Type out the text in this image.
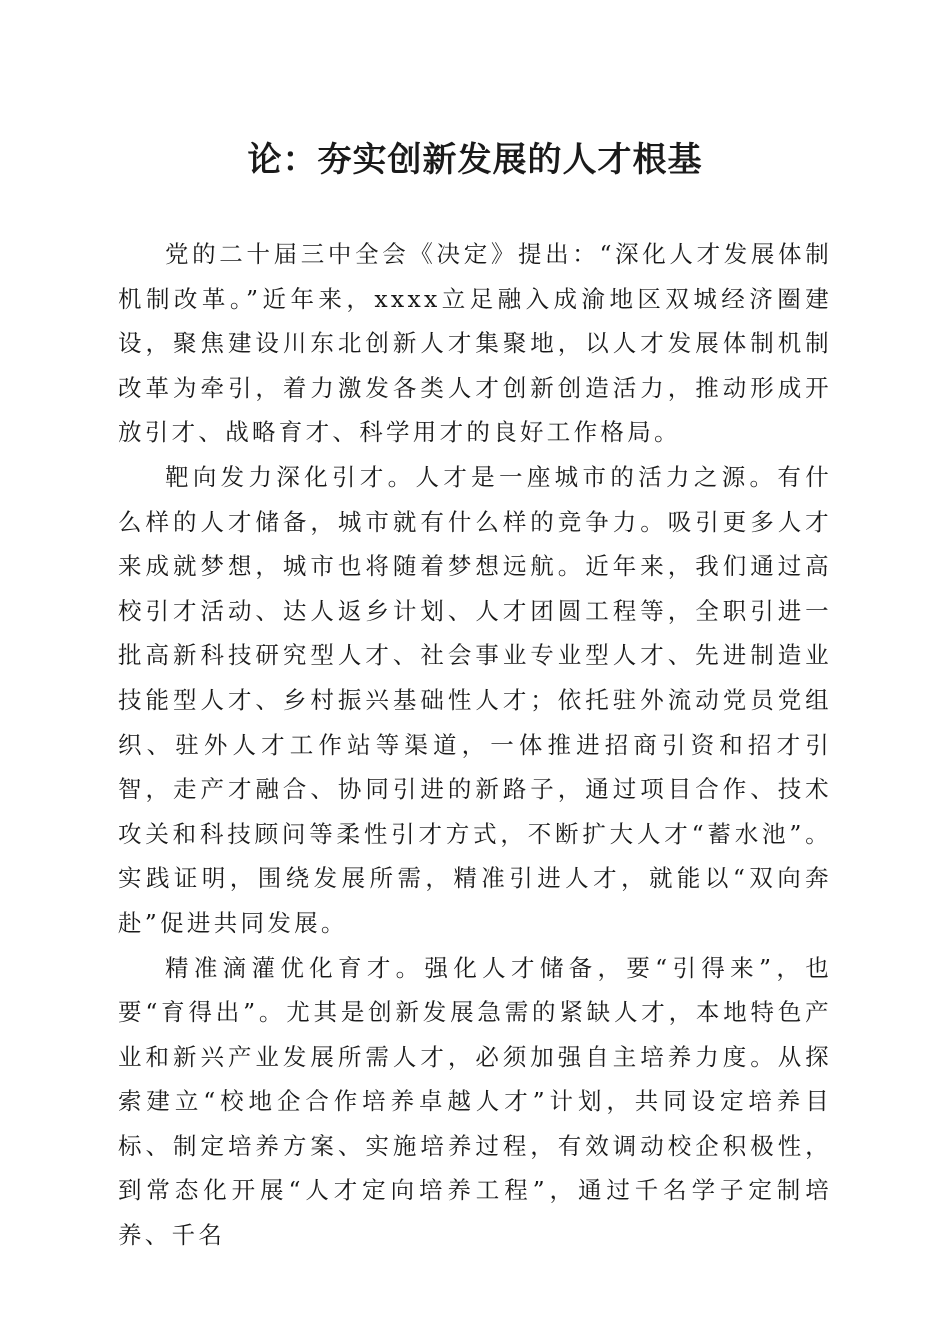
论：夯实创新发展的人才根基

党的二十届三中全会《决定》提出：“深化人才发展体制机制改革。”近年来，xxxx立足融入成渝地区双城经济圈建设，聚焦建设川东北创新人才集聚地，以人才发展体制机制改革为牵引，着力激发各类人才创新创造活力，推动形成开放引才、战略育才、科学用才的良好工作格局。

靶向发力深化引才。人才是一座城市的活力之源。有什么样的人才储备，城市就有什么样的竞争力。吸引更多人才来成就梦想，城市也将随着梦想远航。近年来，我们通过高校引才活动、达人返乡计划、人才团圆工程等，全职引进一批高新科技研究型人才、社会事业专业型人才、先进制造业技能型人才、乡村振兴基础性人才；依托驻外流动党员党组织、驻外人才工作站等渠道，一体推进招商引资和招才引智，走产才融合、协同引进的新路子，通过项目合作、技术攻关和科技顾问等柔性引才方式，不断扩大人才“蓄水池”。实践证明，围绕发展所需，精准引进人才，就能以“双向奔赴”促进共同发展。

精准滴灌优化育才。强化人才储备，要“引得来”，也要“育得出”。尤其是创新发展急需的紧缺人才，本地特色产业和新兴产业发展所需人才，必须加强自主培养力度。从探索建立“校地企合作培养卓越人才”计划，共同设定培养目标、制定培养方案、实施培养过程，有效调动校企积极性，到常态化开展“人才定向培养工程”，通过千名学子定制培养、千名
